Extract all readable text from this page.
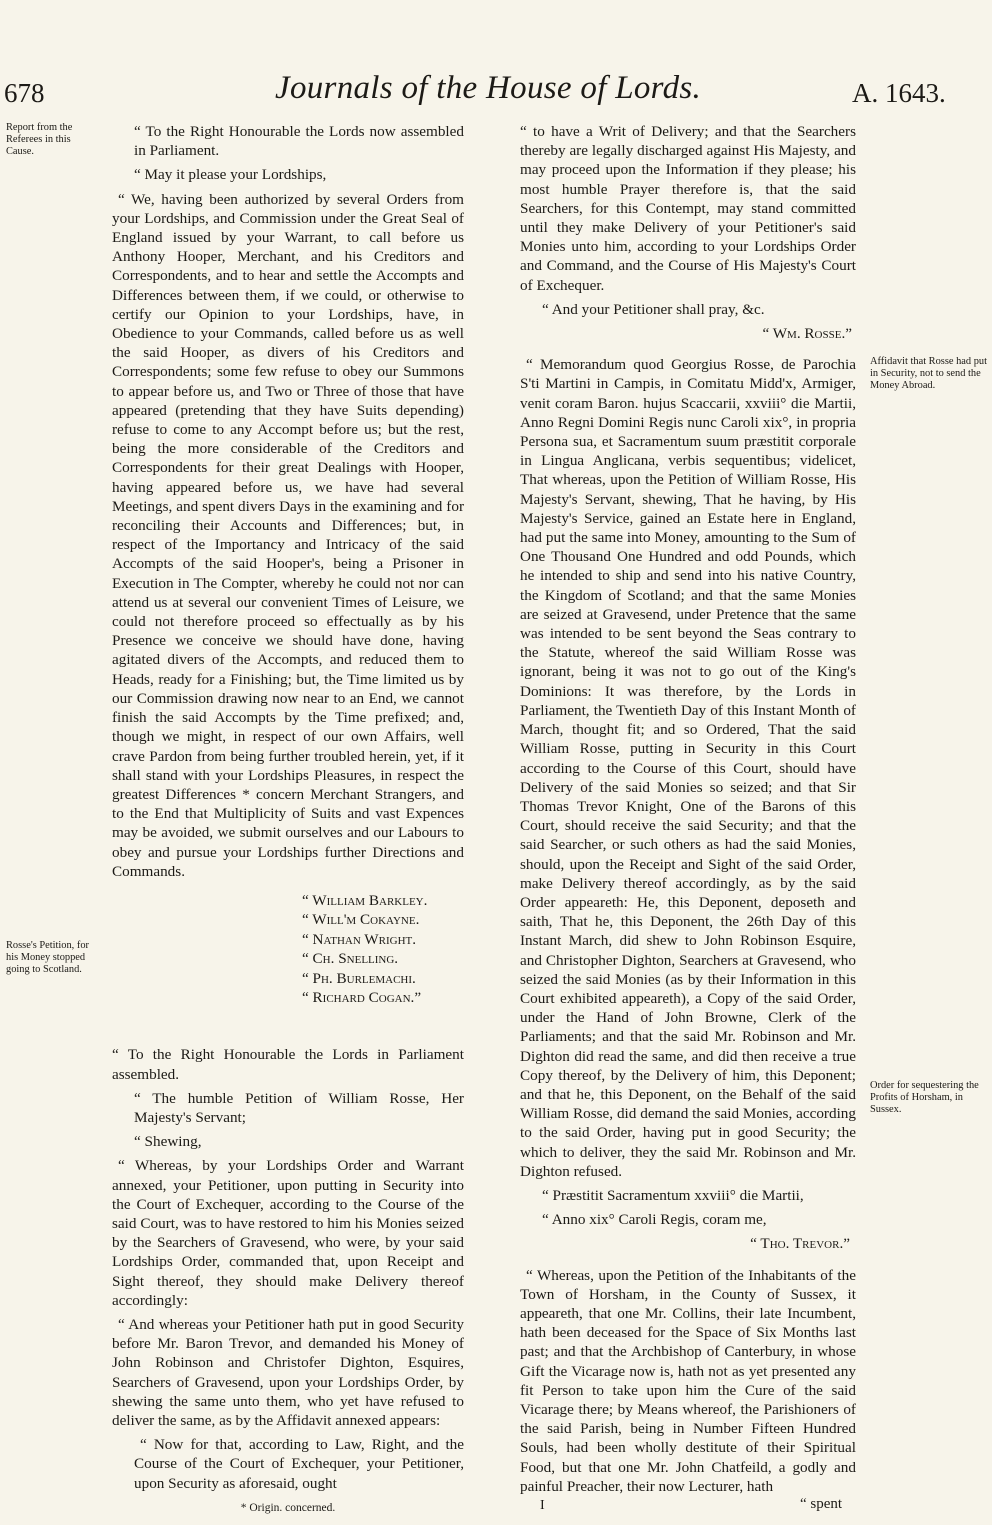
678	Journals of the House of Lords.	A. 1643.
Report from the Referees in this Cause.
Rosse's Petition, for his Money stopped going to Scotland.
Affidavit that Rosse had put in Security, not to send the Money Abroad.
Order for sequestering the Profits of Horsham, in Sussex.

“ To the Right Honourable the Lords now assembled in Parliament.

“ May it please your Lordships,

“ We, having been authorized by several Orders from your Lordships, and Commission under the Great Seal of England issued by your Warrant, to call before us Anthony Hooper, Merchant, and his Creditors and Correspondents, and to hear and settle the Accompts and Differences between them, if we could, or otherwise to certify our Opinion to your Lordships, have, in Obedience to your Commands, called before us as well the said Hooper, as divers of his Creditors and Correspondents; some few refuse to obey our Summons to appear before us, and Two or Three of those that have appeared (pretending that they have Suits depending) refuse to come to any Accompt before us; but the rest, being the more considerable of the Creditors and Correspondents for their great Dealings with Hooper, having appeared before us, we have had several Meetings, and spent divers Days in the examining and for reconciling their Accounts and Differences; but, in respect of the Importancy and Intricacy of the said Accompts of the said Hooper's, being a Prisoner in Execution in The Compter, whereby he could not nor can attend us at several our convenient Times of Leisure, we could not therefore proceed so effectually as by his Presence we conceive we should have done, having agitated divers of the Accompts, and reduced them to Heads, ready for a Finishing; but, the Time limited us by our Commission drawing now near to an End, we cannot finish the said Accompts by the Time prefixed; and, though we might, in respect of our own Affairs, well crave Pardon from being further troubled herein, yet, if it shall stand with your Lordships Pleasures, in respect the greatest Differences * concern Merchant Strangers, and to the End that Multiplicity of Suits and vast Expences may be avoided, we submit ourselves and our Labours to obey and pursue your Lordships further Directions and Commands.

“ William Barkley.
“ Will'm Cokayne.
“ Nathan Wright.
“ Ch. Snelling.
“ Ph. Burlemachi.
“ Richard Cogan.”

“ To the Right Honourable the Lords in Parliament assembled.

“ The humble Petition of William Rosse, Her Majesty's Servant;

“ Shewing,

“ Whereas, by your Lordships Order and Warrant annexed, your Petitioner, upon putting in Security into the Court of Exchequer, according to the Course of the said Court, was to have restored to him his Monies seized by the Searchers of Gravesend, who were, by your said Lordships Order, commanded that, upon Receipt and Sight thereof, they should make Delivery thereof accordingly:

“ And whereas your Petitioner hath put in good Security before Mr. Baron Trevor, and demanded his Money of John Robinson and Christofer Dighton, Esquires, Searchers of Gravesend, upon your Lordships Order, by shewing the same unto them, who yet have refused to deliver the same, as by the Affidavit annexed appears:

“ Now for that, according to Law, Right, and the Course of the Court of Exchequer, your Petitioner, upon Security as aforesaid, ought

* Origin. concerned.

“ to have a Writ of Delivery; and that the Searchers thereby are legally discharged against His Majesty, and may proceed upon the Information if they please; his most humble Prayer therefore is, that the said Searchers, for this Contempt, may stand committed until they make Delivery of your Petitioner's said Monies unto him, according to your Lordships Order and Command, and the Course of His Majesty's Court of Exchequer.

“ And your Petitioner shall pray, &c.

“ Wm. Rosse.”

“ Memorandum quod Georgius Rosse, de Parochia S'ti Martini in Campis, in Comitatu Midd'x, Armiger, venit coram Baron. hujus Scaccarii, xxviii° die Martii, Anno Regni Domini Regis nunc Caroli xix°, in propria Persona sua, et Sacramentum suum præstitit corporale in Lingua Anglicana, verbis sequentibus; videlicet, That whereas, upon the Petition of William Rosse, His Majesty's Servant, shewing, That he having, by His Majesty's Service, gained an Estate here in England, had put the same into Money, amounting to the Sum of One Thousand One Hundred and odd Pounds, which he intended to ship and send into his native Country, the Kingdom of Scotland; and that the same Monies are seized at Gravesend, under Pretence that the same was intended to be sent beyond the Seas contrary to the Statute, whereof the said William Rosse was ignorant, being it was not to go out of the King's Dominions: It was therefore, by the Lords in Parliament, the Twentieth Day of this Instant Month of March, thought fit; and so Ordered, That the said William Rosse, putting in Security in this Court according to the Course of this Court, should have Delivery of the said Monies so seized; and that Sir Thomas Trevor Knight, One of the Barons of this Court, should receive the said Security; and that the said Searcher, or such others as had the said Monies, should, upon the Receipt and Sight of the said Order, make Delivery thereof accordingly, as by the said Order appeareth: He, this Deponent, deposeth and saith, That he, this Deponent, the 26th Day of this Instant March, did shew to John Robinson Esquire, and Christopher Dighton, Searchers at Gravesend, who seized the said Monies (as by their Information in this Court exhibited appeareth), a Copy of the said Order, under the Hand of John Browne, Clerk of the Parliaments; and that the said Mr. Robinson and Mr. Dighton did read the same, and did then receive a true Copy thereof, by the Delivery of him, this Deponent; and that he, this Deponent, on the Behalf of the said William Rosse, did demand the said Monies, according to the said Order, having put in good Security; the which to deliver, they the said Mr. Robinson and Mr. Dighton refused.

“ Præstitit Sacramentum xxviii° die Martii,

“ Anno xix° Caroli Regis, coram me,

“ Tho. Trevor.”

“ Whereas, upon the Petition of the Inhabitants of the Town of Horsham, in the County of Sussex, it appeareth, that one Mr. Collins, their late Incumbent, hath been deceased for the Space of Six Months last past; and that the Archbishop of Canterbury, in whose Gift the Vicarage now is, hath not as yet presented any fit Person to take upon him the Cure of the said Vicarage there; by Means whereof, the Parishioners of the said Parish, being in Number Fifteen Hundred Souls, had been wholly destitute of their Spiritual Food, but that one Mr. John Chatfeild, a godly and painful Preacher, their now Lecturer, hath

I	“ spent
